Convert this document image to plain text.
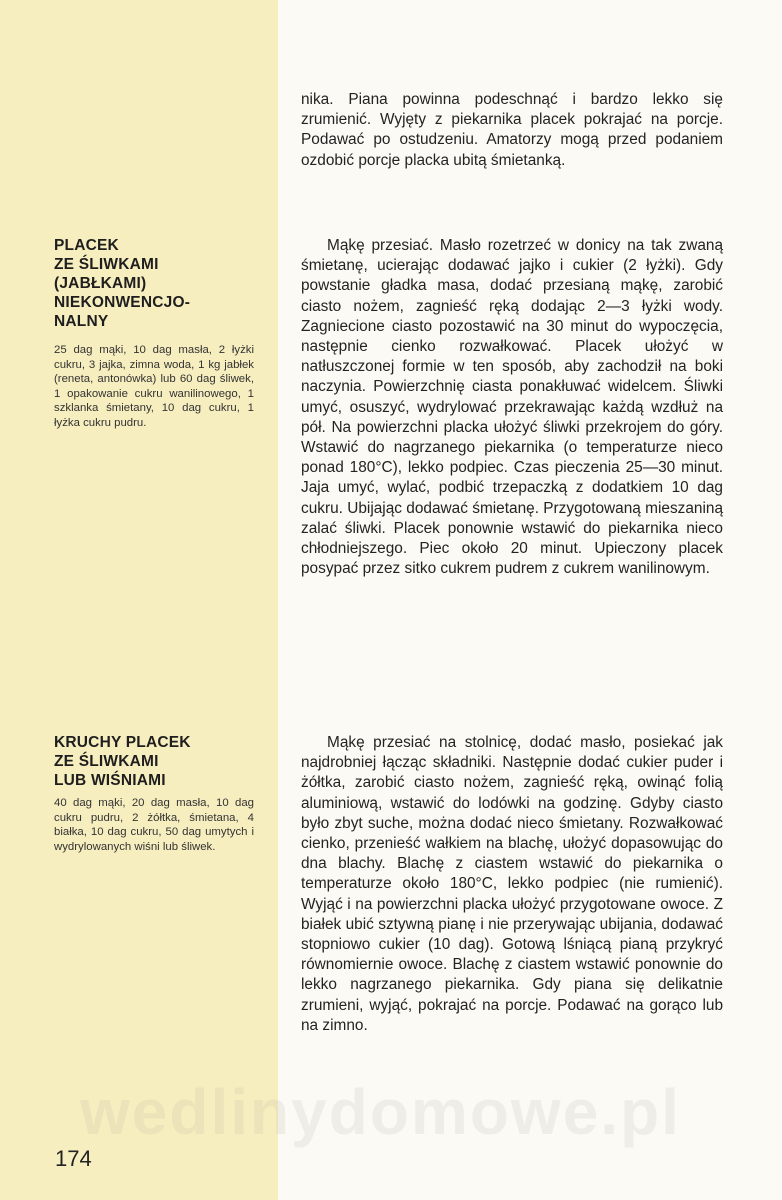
wedlinydomowe.pl

nika. Piana powinna podeschnąć i bardzo lekko się zrumienić. Wyjęty z piekarnika placek pokrajać na porcje. Podawać po ostudzeniu. Amatorzy mogą przed podaniem ozdobić porcje placka ubitą śmietanką.

PLACEK
ZE ŚLIWKAMI
(JABŁKAMI)
NIEKONWENCJO-
NALNY
25 dag mąki, 10 dag masła, 2 łyżki cukru, 3 jajka, zimna woda, 1 kg jabłek (reneta, antonówka) lub 60 dag śliwek, 1 opakowanie cukru wanilinowego, 1 szklanka śmietany, 10 dag cukru, 1 łyżka cukru pudru.

Mąkę przesiać. Masło rozetrzeć w donicy na tak zwaną śmietanę, ucierając dodawać jajko i cukier (2 łyżki). Gdy powstanie gładka masa, dodać przesianą mąkę, zarobić ciasto nożem, zagnieść ręką dodając 2—3 łyżki wody. Zagniecione ciasto pozostawić na 30 minut do wypoczęcia, następnie cienko rozwałkować. Placek ułożyć w natłuszczonej formie w ten sposób, aby zachodził na boki naczynia. Powierzchnię ciasta ponakłuwać widelcem. Śliwki umyć, osuszyć, wydrylować przekrawając każdą wzdłuż na pół. Na powierzchni placka ułożyć śliwki przekrojem do góry. Wstawić do nagrzanego piekarnika (o temperaturze nieco ponad 180°C), lekko podpiec. Czas pieczenia 25—30 minut. Jaja umyć, wylać, podbić trzepaczką z dodatkiem 10 dag cukru. Ubijając dodawać śmietanę. Przygotowaną mieszaniną zalać śliwki. Placek ponownie wstawić do piekarnika nieco chłodniejszego. Piec około 20 minut. Upieczony placek posypać przez sitko cukrem pudrem z cukrem wanilinowym.

KRUCHY PLACEK
ZE ŚLIWKAMI
LUB WIŚNIAMI
40 dag mąki, 20 dag masła, 10 dag cukru pudru, 2 żółtka, śmietana, 4 białka, 10 dag cukru, 50 dag umytych i wydrylowanych wiśni lub śliwek.

Mąkę przesiać na stolnicę, dodać masło, posiekać jak najdrobniej łącząc składniki. Następnie dodać cukier puder i żółtka, zarobić ciasto nożem, zagnieść ręką, owinąć folią aluminiową, wstawić do lodówki na godzinę. Gdyby ciasto było zbyt suche, można dodać nieco śmietany. Rozwałkować cienko, przenieść wałkiem na blachę, ułożyć dopasowując do dna blachy. Blachę z ciastem wstawić do piekarnika o temperaturze około 180°C, lekko podpiec (nie rumienić). Wyjąć i na powierzchni placka ułożyć przygotowane owoce. Z białek ubić sztywną pianę i nie przerywając ubijania, dodawać stopniowo cukier (10 dag). Gotową lśniącą pianą przykryć równomiernie owoce. Blachę z ciastem wstawić ponownie do lekko nagrzanego piekarnika. Gdy piana się delikatnie zrumieni, wyjąć, pokrajać na porcje. Podawać na gorąco lub na zimno.

174
